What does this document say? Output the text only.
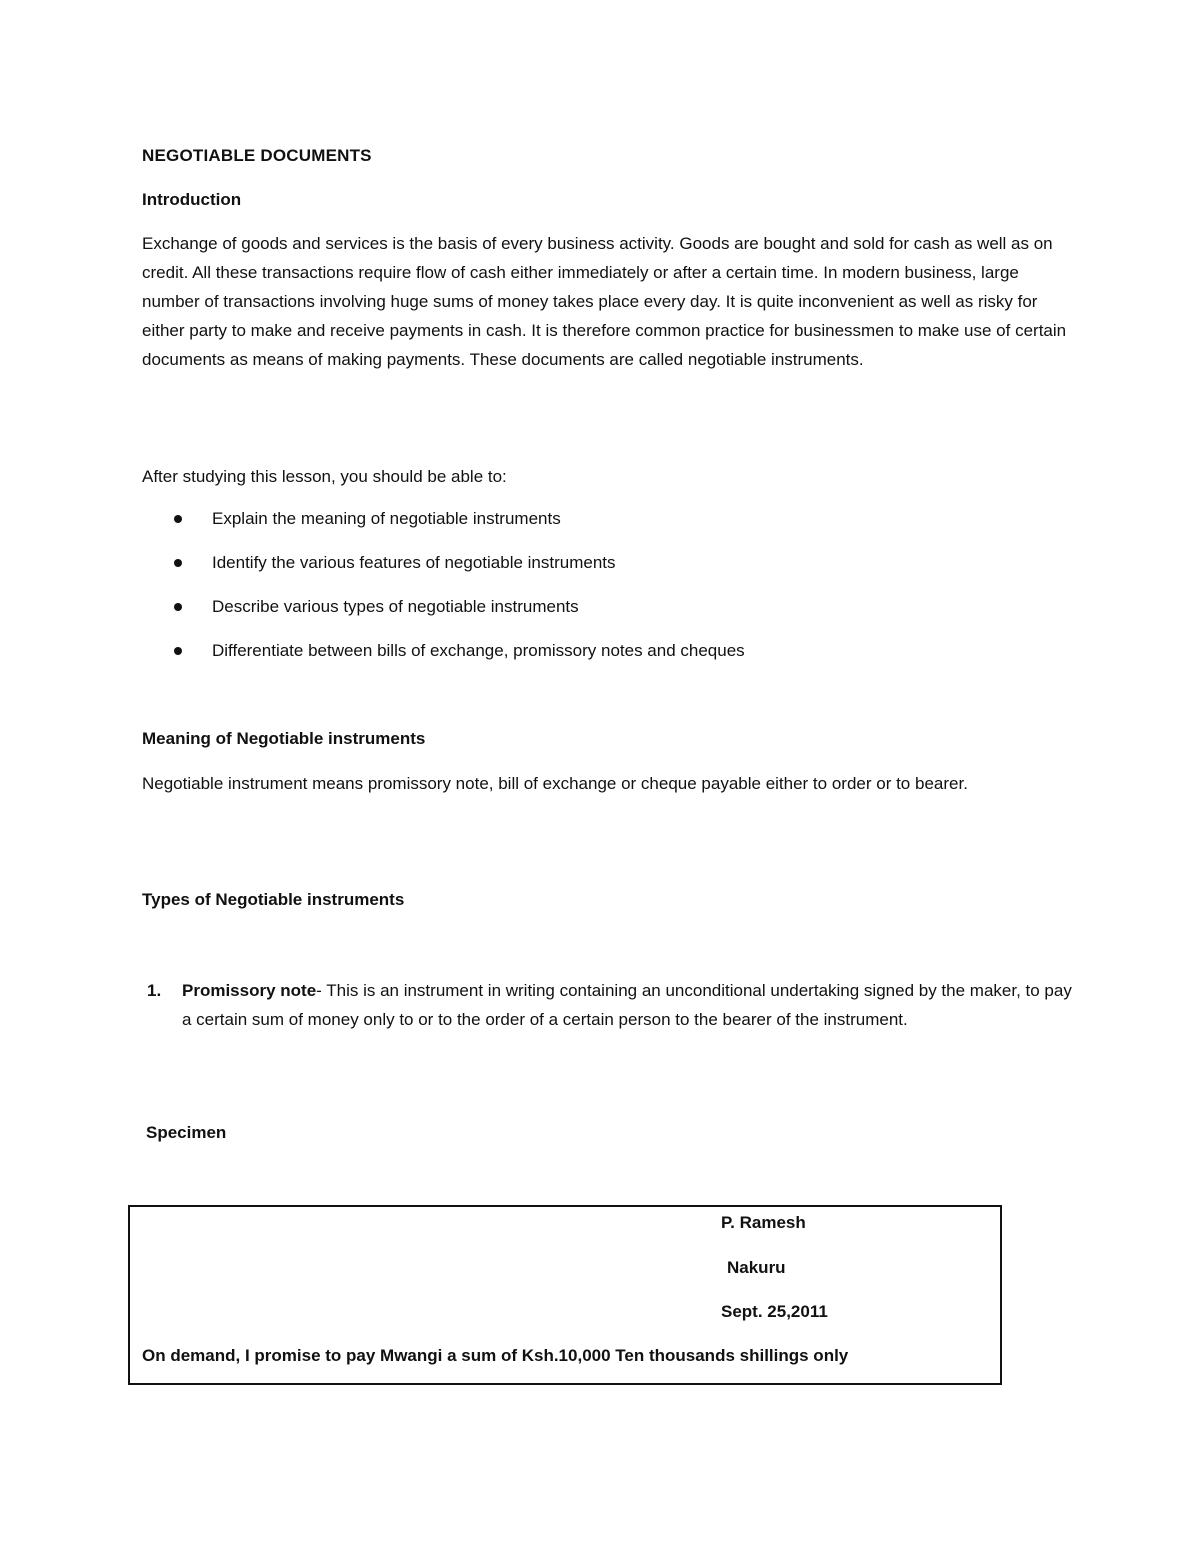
NEGOTIABLE DOCUMENTS

Introduction

Exchange of goods and services is the basis of every business activity. Goods are bought and sold for cash as well as on credit. All these transactions require flow of cash either immediately or after a certain time. In modern business, large number of transactions involving huge sums of money takes place every day. It is quite inconvenient as well as risky for either party to make and receive payments in cash. It is therefore common practice for businessmen to make use of certain documents as means of making payments. These documents are called negotiable instruments.

After studying this lesson, you should be able to:

Explain the meaning of negotiable instruments
Identify the various features of negotiable instruments
Describe various types of negotiable instruments
Differentiate between bills of exchange, promissory notes and cheques

Meaning of Negotiable instruments

Negotiable instrument means promissory note, bill of exchange or cheque payable either to order or to bearer.

Types of Negotiable instruments

1. Promissory note- This is an instrument in writing containing an unconditional undertaking signed by the maker, to pay a certain sum of money only to or to the order of a certain person to the bearer of the instrument.

Specimen

P. Ramesh
Nakuru
Sept. 25,2011
On demand, I promise to pay Mwangi a sum of Ksh.10,000 Ten thousands shillings only
